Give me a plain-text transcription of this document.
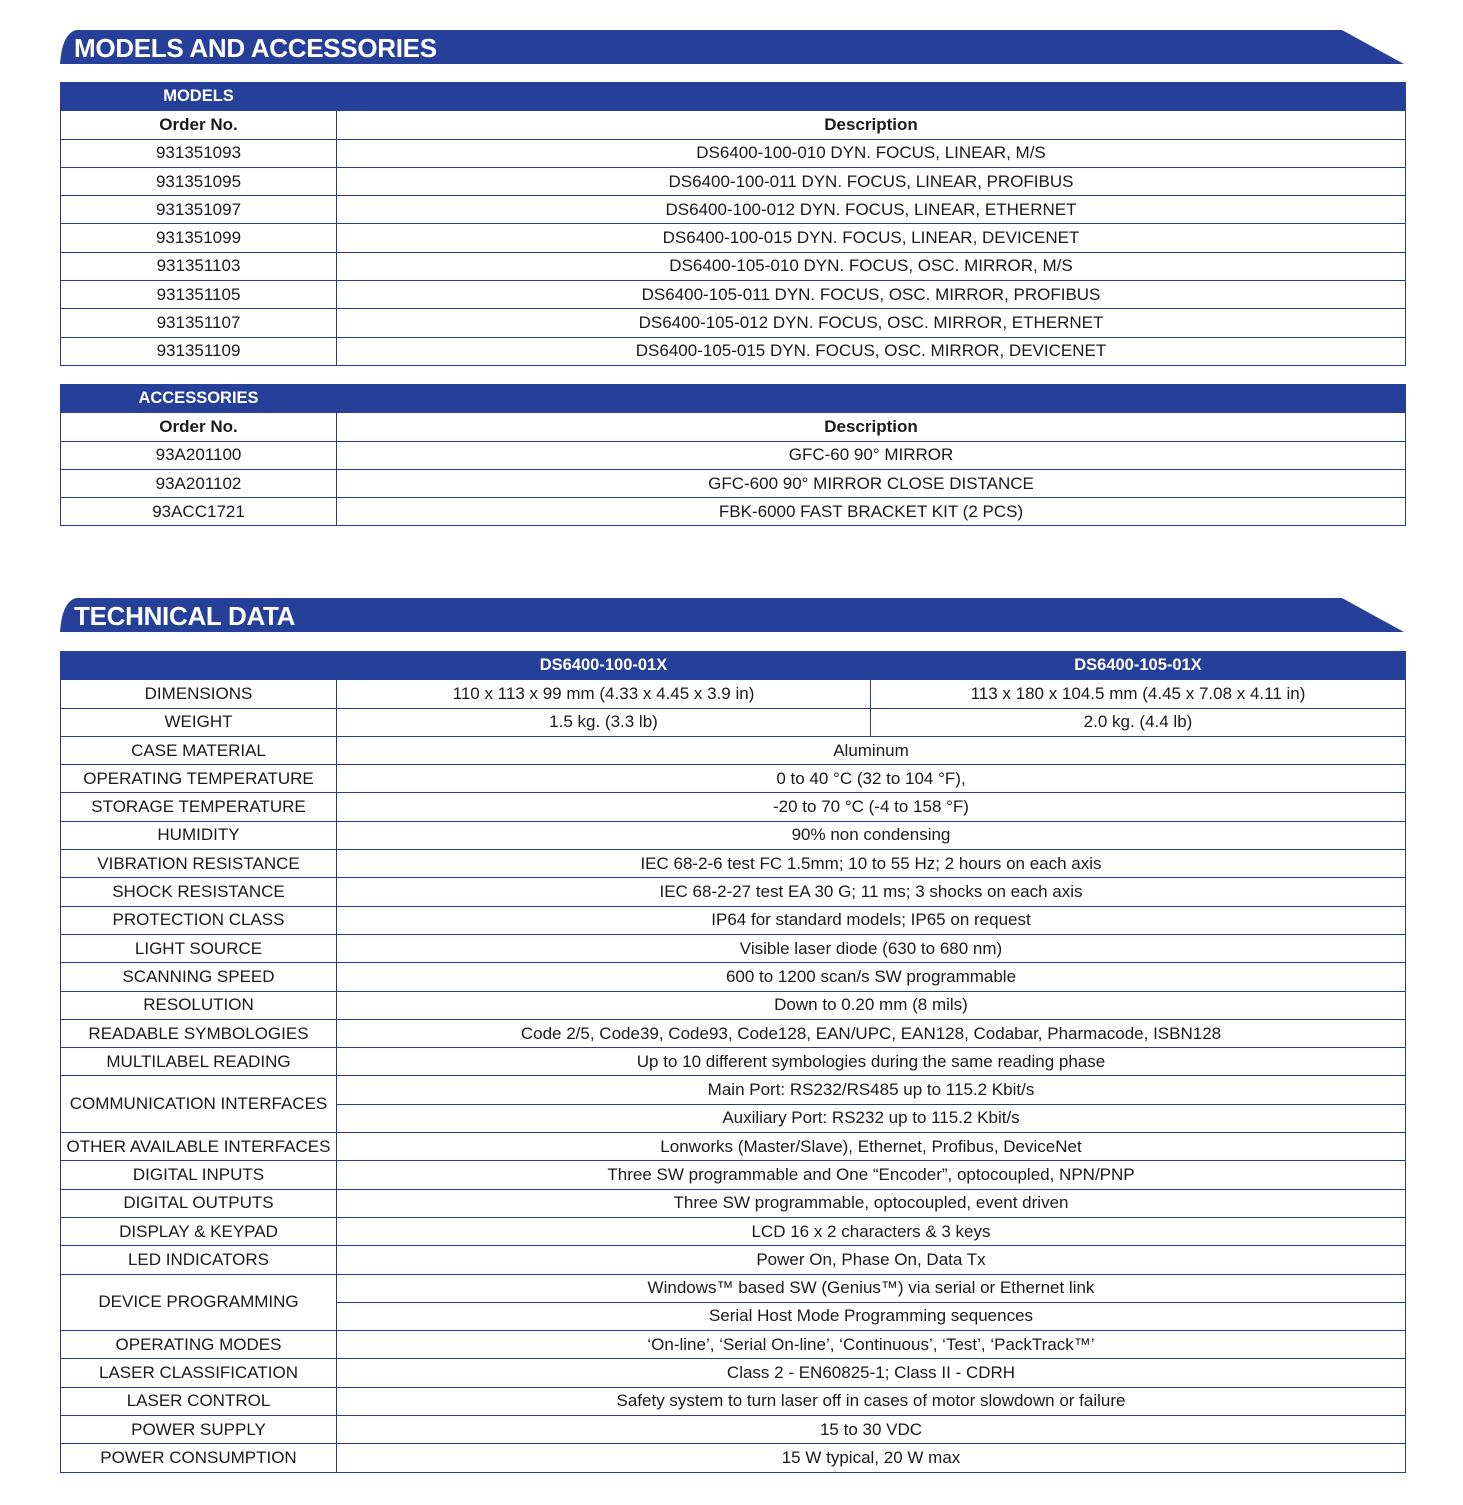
MODELS AND ACCESSORIES
MODELS	
Order No.	Description
931351093	DS6400-100-010 DYN. FOCUS, LINEAR, M/S
931351095	DS6400-100-011 DYN. FOCUS, LINEAR, PROFIBUS
931351097	DS6400-100-012 DYN. FOCUS, LINEAR, ETHERNET
931351099	DS6400-100-015 DYN. FOCUS, LINEAR, DEVICENET
931351103	DS6400-105-010 DYN. FOCUS, OSC. MIRROR, M/S
931351105	DS6400-105-011 DYN. FOCUS, OSC. MIRROR, PROFIBUS
931351107	DS6400-105-012 DYN. FOCUS, OSC. MIRROR, ETHERNET
931351109	DS6400-105-015 DYN. FOCUS, OSC. MIRROR, DEVICENET
ACCESSORIES	
Order No.	Description
93A201100	GFC-60 90° MIRROR
93A201102	GFC-600 90° MIRROR CLOSE DISTANCE
93ACC1721	FBK-6000 FAST BRACKET KIT (2 PCS)
TECHNICAL DATA
	DS6400-100-01X	DS6400-105-01X
DIMENSIONS	110 x 113 x 99 mm (4.33 x 4.45 x 3.9 in)	113 x 180 x 104.5 mm (4.45 x 7.08 x 4.11 in)
WEIGHT	1.5 kg. (3.3 lb)	2.0 kg. (4.4 lb)
CASE MATERIAL	Aluminum	
OPERATING TEMPERATURE	0 to 40 °C (32 to 104 °F),	
STORAGE TEMPERATURE	-20 to 70 °C (-4 to 158 °F)	
HUMIDITY	90% non condensing	
VIBRATION RESISTANCE	IEC 68-2-6 test FC 1.5mm; 10 to 55 Hz; 2 hours on each axis	
SHOCK RESISTANCE	IEC 68-2-27 test EA 30 G; 11 ms; 3 shocks on each axis	
PROTECTION CLASS	IP64 for standard models; IP65 on request	
LIGHT SOURCE	Visible laser diode (630 to 680 nm)	
SCANNING SPEED	600 to 1200 scan/s SW programmable	
RESOLUTION	Down to 0.20 mm (8 mils)	
READABLE SYMBOLOGIES	Code 2/5, Code39, Code93, Code128, EAN/UPC, EAN128, Codabar, Pharmacode, ISBN128	
MULTILABEL READING	Up to 10 different symbologies during the same reading phase	
COMMUNICATION INTERFACES	Main Port: RS232/RS485 up to 115.2 Kbit/s	
	Auxiliary Port: RS232 up to 115.2 Kbit/s	
OTHER AVAILABLE INTERFACES	Lonworks (Master/Slave), Ethernet, Profibus, DeviceNet	
DIGITAL INPUTS	Three SW programmable and One “Encoder”, optocoupled, NPN/PNP	
DIGITAL OUTPUTS	Three SW programmable, optocoupled, event driven	
DISPLAY & KEYPAD	LCD 16 x 2 characters & 3 keys	
LED INDICATORS	Power On, Phase On, Data Tx	
DEVICE PROGRAMMING	Windows™ based SW (Genius™) via serial or Ethernet link	
	Serial Host Mode Programming sequences	
OPERATING MODES	‘On-line’, ‘Serial On-line’, ‘Continuous’, ‘Test’, ‘PackTrack™’	
LASER CLASSIFICATION	Class 2 - EN60825-1; Class II - CDRH	
LASER CONTROL	Safety system to turn laser off in cases of motor slowdown or failure	
POWER SUPPLY	15 to 30 VDC	
POWER CONSUMPTION	15 W typical, 20 W max	
